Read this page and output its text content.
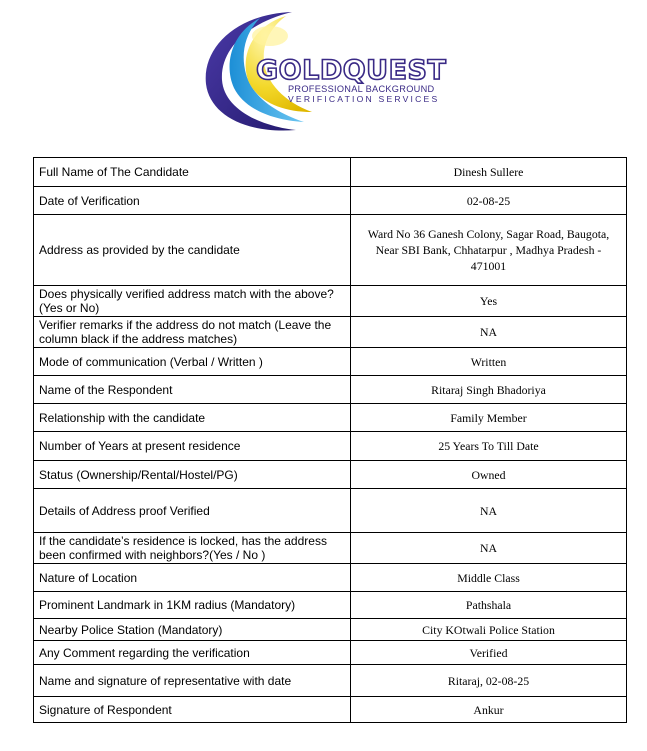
GOLDQUEST
PROFESSIONAL BACKGROUND
VERIFICATION SERVICES
Full Name of The Candidate	Dinesh Sullere
Date of Verification	02-08-25
Address as provided by the candidate	Ward No 36 Ganesh Colony, Sagar Road, Baugota, Near SBI Bank, Chhatarpur , Madhya Pradesh - 471001
Does physically verified address match with the above? (Yes or No)	Yes
Verifier remarks if the address do not match (Leave the column black if the address matches)	NA
Mode of communication (Verbal / Written )	Written
Name of the Respondent	Ritaraj Singh Bhadoriya
Relationship with the candidate	Family Member
Number of Years at present residence	25 Years To Till Date
Status (Ownership/Rental/Hostel/PG)	Owned
Details of Address proof Verified	NA
If the candidate’s residence is locked, has the address been confirmed with neighbors?(Yes / No )	NA
Nature of Location	Middle Class
Prominent Landmark in 1KM radius (Mandatory)	Pathshala
Nearby Police Station (Mandatory)	City KOtwali Police Station
Any Comment regarding the verification	Verified
Name and signature of representative with date	Ritaraj, 02-08-25
Signature of Respondent	Ankur
